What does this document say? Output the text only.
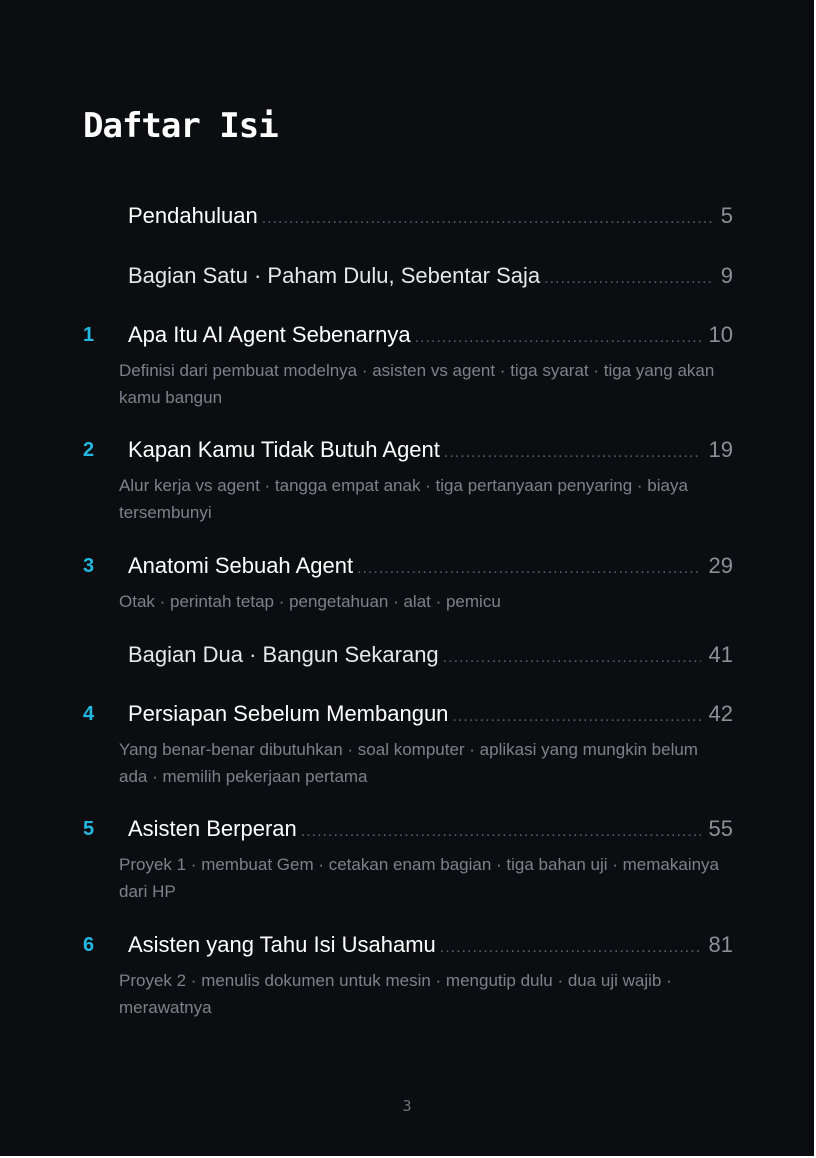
Daftar Isi
Pendahuluan .....	5
Bagian Satu · Paham Dulu, Sebentar Saja .....	9
1	Apa Itu AI Agent Sebenarnya .....	10

Definisi dari pembuat modelnya · asisten vs agent · tiga syarat · tiga yang akan kamu bangun

2	Kapan Kamu Tidak Butuh Agent .....	19

Alur kerja vs agent · tangga empat anak · tiga pertanyaan penyaring · biaya tersembunyi

3	Anatomi Sebuah Agent .....	29

Otak · perintah tetap · pengetahuan · alat · pemicu

Bagian Dua · Bangun Sekarang .....	41
4	Persiapan Sebelum Membangun .....	42

Yang benar-benar dibutuhkan · soal komputer · aplikasi yang mungkin belum ada · memilih pekerjaan pertama

5	Asisten Berperan .....	55

Proyek 1 · membuat Gem · cetakan enam bagian · tiga bahan uji · memakainya dari HP

6	Asisten yang Tahu Isi Usahamu .....	81

Proyek 2 · menulis dokumen untuk mesin · mengutip dulu · dua uji wajib · merawatnya

3
